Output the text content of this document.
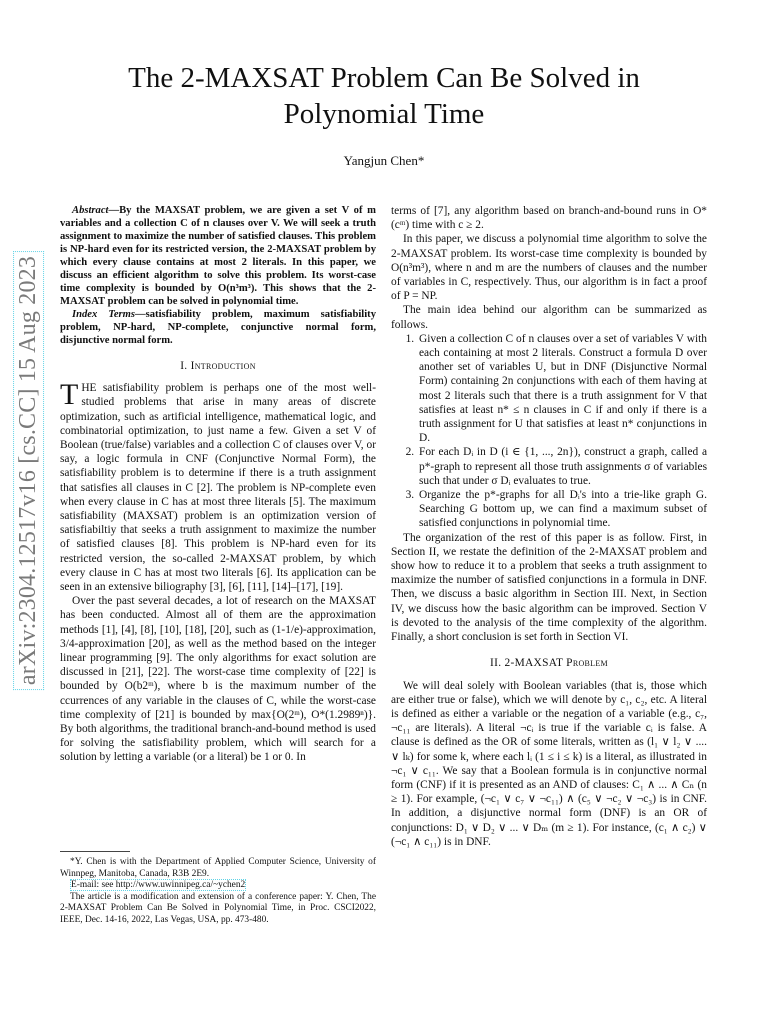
arXiv:2304.12517v16 [cs.CC] 15 Aug 2023
The 2-MAXSAT Problem Can Be Solved in Polynomial Time
Yangjun Chen*

Abstract—By the MAXSAT problem, we are given a set V of m variables and a collection C of n clauses over V. We will seek a truth assignment to maximize the number of satisfied clauses. This problem is NP-hard even for its restricted version, the 2-MAXSAT problem by which every clause contains at most 2 literals. In this paper, we discuss an efficient algorithm to solve this problem. Its worst-case time complexity is bounded by O(n³m³). This shows that the 2-MAXSAT problem can be solved in polynomial time.

Index Terms—satisfiability problem, maximum satisfiability problem, NP-hard, NP-complete, conjunctive normal form, disjunctive normal form.

I. Introduction

THE satisfiability problem is perhaps one of the most well-studied problems that arise in many areas of discrete optimization, such as artificial intelligence, mathematical logic, and combinatorial optimization, to just name a few. Given a set V of Boolean (true/false) variables and a collection C of clauses over V, or say, a logic formula in CNF (Conjunctive Normal Form), the satisfiability problem is to determine if there is a truth assignment that satisfies all clauses in C [2]. The problem is NP-complete even when every clause in C has at most three literals [5]. The maximum satisfiability (MAXSAT) problem is an optimization version of satisfiabiltiy that seeks a truth assignment to maximize the number of satisfied clauses [8]. This problem is NP-hard even for its restricted version, the so-called 2-MAXSAT problem, by which every clause in C has at most two literals [6]. Its application can be seen in an extensive biliography [3], [6], [11], [14]–[17], [19].

Over the past several decades, a lot of research on the MAXSAT has been conducted. Almost all of them are the approximation methods [1], [4], [8], [10], [18], [20], such as (1-1/e)-approximation, 3/4-approximation [20], as well as the method based on the integer linear programming [9]. The only algorithms for exact solution are discussed in [21], [22]. The worst-case time complexity of [22] is bounded by O(b2ᵐ), where b is the maximum number of the ccurrences of any variable in the clauses of C, while the worst-case time complexity of [21] is bounded by max{O(2ᵐ), O*(1.2989ⁿ)}. By both algorithms, the traditional branch-and-bound method is used for solving the satisfiability problem, which will search for a solution by letting a variable (or a literal) be 1 or 0. In

*Y. Chen is with the Department of Applied Computer Science, University of Winnpeg, Manitoba, Canada, R3B 2E9.

E-mail: see http://www.uwinnipeg.ca/~ychen2

The article is a modification and extension of a conference paper: Y. Chen, The 2-MAXSAT Problem Can Be Solved in Polynomial Time, in Proc. CSCI2022, IEEE, Dec. 14-16, 2022, Las Vegas, USA, pp. 473-480.

terms of [7], any algorithm based on branch-and-bound runs in O*(cᵐ) time with c ≥ 2.

In this paper, we discuss a polynomial time algorithm to solve the 2-MAXSAT problem. Its worst-case time complexity is bounded by O(n³m³), where n and m are the numbers of clauses and the number of variables in C, respectively. Thus, our algorithm is in fact a proof of P = NP.

The main idea behind our algorithm can be summarized as follows.

1. Given a collection C of n clauses over a set of variables V with each containing at most 2 literals. Construct a formula D over another set of variables U, but in DNF (Disjunctive Normal Form) containing 2n conjunctions with each of them having at most 2 literals such that there is a truth assignment for V that satisfies at least n* ≤ n clauses in C if and only if there is a truth assignment for U that satisfies at least n* conjunctions in D.
2. For each Dᵢ in D (i ∈ {1, ..., 2n}), construct a graph, called a p*-graph to represent all those truth assignments σ of variables such that under σ Dᵢ evaluates to true.
3. Organize the p*-graphs for all Dᵢ's into a trie-like graph G. Searching G bottom up, we can find a maximum subset of satisfied conjunctions in polynomial time.

The organization of the rest of this paper is as follow. First, in Section II, we restate the definition of the 2-MAXSAT problem and show how to reduce it to a problem that seeks a truth assignment to maximize the number of satisfied conjunctions in a formula in DNF. Then, we discuss a basic algorithm in Section III. Next, in Section IV, we discuss how the basic algorithm can be improved. Section V is devoted to the analysis of the time complexity of the algorithm. Finally, a short conclusion is set forth in Section VI.

II. 2-MAXSAT Problem

We will deal solely with Boolean variables (that is, those which are either true or false), which we will denote by c₁, c₂, etc. A literal is defined as either a variable or the negation of a variable (e.g., c₇, ¬c₁₁ are literals). A literal ¬cᵢ is true if the variable cᵢ is false. A clause is defined as the OR of some literals, written as (l₁ ∨ l₂ ∨ .... ∨ lₖ) for some k, where each lᵢ (1 ≤ i ≤ k) is a literal, as illustrated in ¬c₁ ∨ c₁₁. We say that a Boolean formula is in conjunctive normal form (CNF) if it is presented as an AND of clauses: C₁ ∧ ... ∧ Cₙ (n ≥ 1). For example, (¬c₁ ∨ c₇ ∨ ¬c₁₁) ∧ (c₅ ∨ ¬c₂ ∨ ¬c₃) is in CNF. In addition, a disjunctive normal form (DNF) is an OR of conjunctions: D₁ ∨ D₂ ∨ ... ∨ Dₘ (m ≥ 1). For instance, (c₁ ∧ c₂) ∨ (¬c₁ ∧ c₁₁) is in DNF.
